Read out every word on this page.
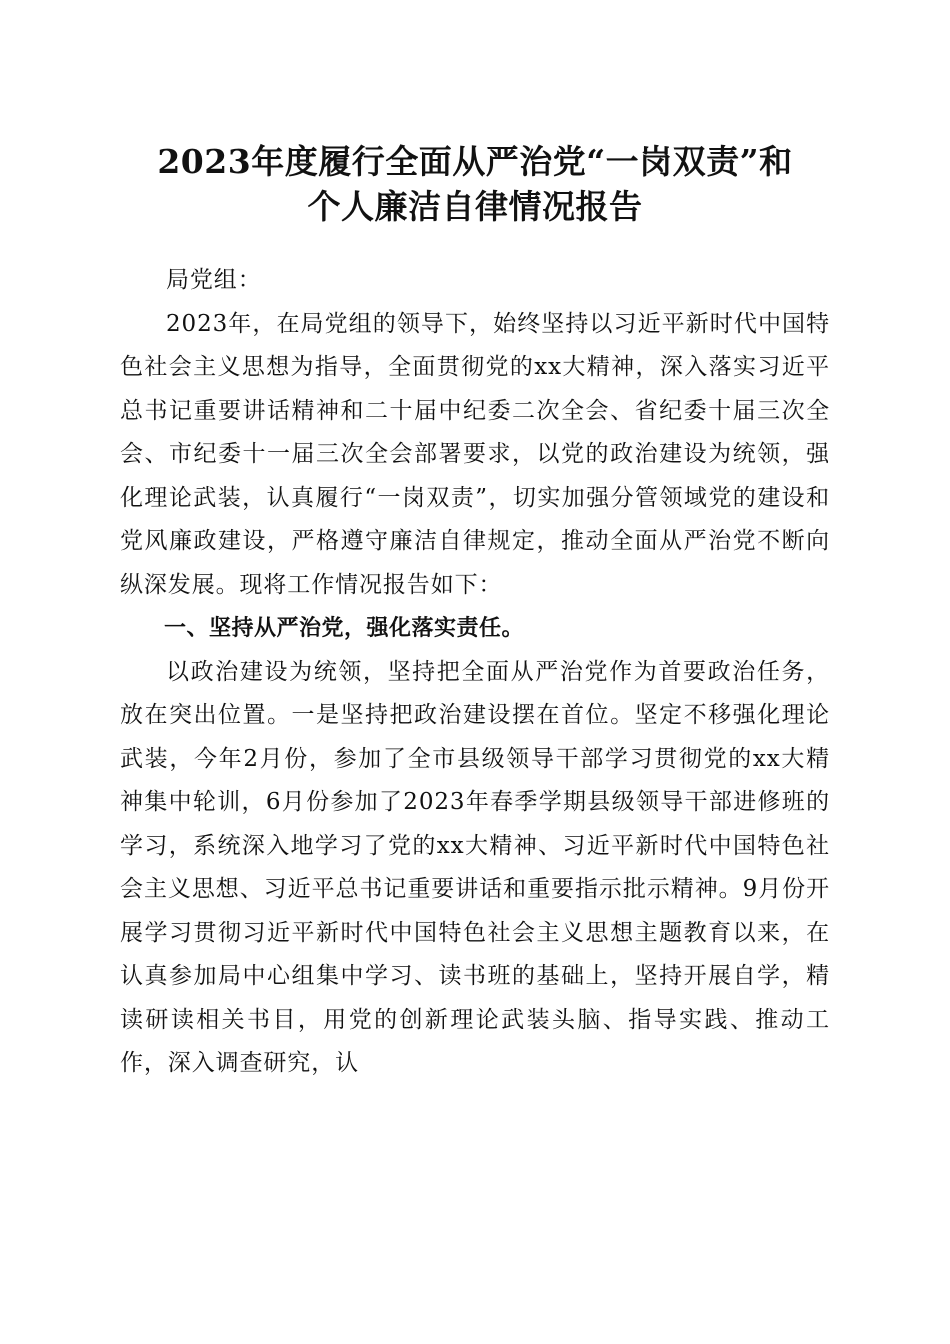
2023年度履行全面从严治党“一岗双责”和
个人廉洁自律情况报告

局党组：

2023年，在局党组的领导下，始终坚持以习近平新时代中国特色社会主义思想为指导，全面贯彻党的xx大精神，深入落实习近平总书记重要讲话精神和二十届中纪委二次全会、省纪委十届三次全会、市纪委十一届三次全会部署要求，以党的政治建设为统领，强化理论武装，认真履行“一岗双责”，切实加强分管领域党的建设和党风廉政建设，严格遵守廉洁自律规定，推动全面从严治党不断向纵深发展。现将工作情况报告如下：

一、坚持从严治党，强化落实责任。

以政治建设为统领，坚持把全面从严治党作为首要政治任务，放在突出位置。一是坚持把政治建设摆在首位。坚定不移强化理论武装，今年2月份，参加了全市县级领导干部学习贯彻党的xx大精神集中轮训，6月份参加了2023年春季学期县级领导干部进修班的学习，系统深入地学习了党的xx大精神、习近平新时代中国特色社会主义思想、习近平总书记重要讲话和重要指示批示精神。9月份开展学习贯彻习近平新时代中国特色社会主义思想主题教育以来，在认真参加局中心组集中学习、读书班的基础上，坚持开展自学，精读研读相关书目，用党的创新理论武装头脑、指导实践、推动工作，深入调查研究，认
